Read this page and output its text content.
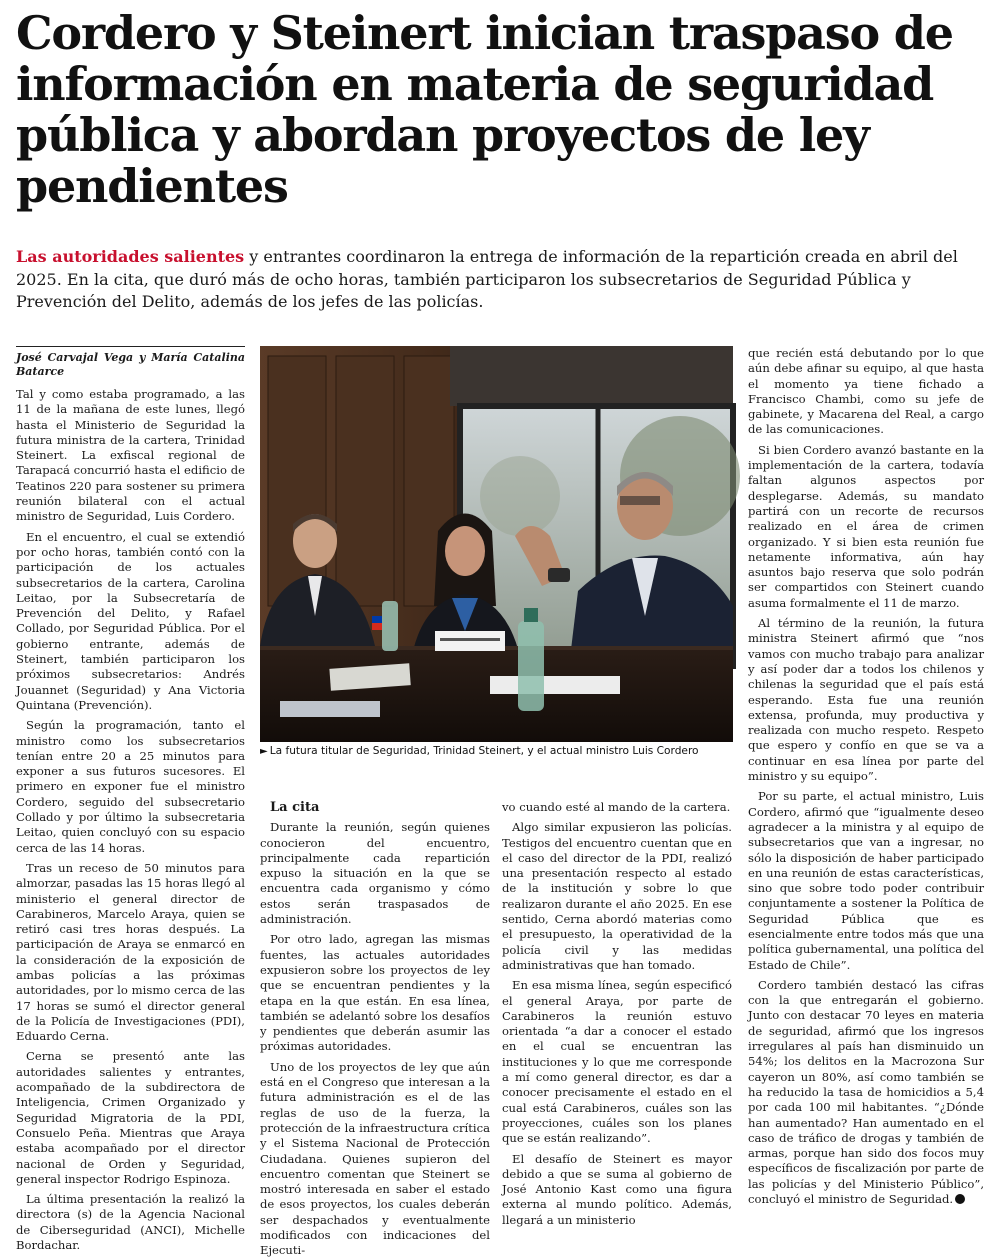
Cordero y Steinert inician traspaso de información en materia de seguridad pública y abordan proyectos de ley pendientes

Las autoridades salientes y entrantes coordinaron la entrega de información de la repartición creada en abril del 2025. En la cita, que duró más de ocho horas, también participaron los subsecretarios de Seguridad Pública y Prevención del Delito, además de los jefes de las policías.

José Carvajal Vega y María Catalina Batarce

Tal y como estaba programado, a las 11 de la mañana de este lunes, llegó hasta el Ministerio de Seguridad la futura ministra de la cartera, Trinidad Steinert. La exfiscal regional de Tarapacá concurrió hasta el edificio de Teatinos 220 para sostener su primera reunión bilateral con el actual ministro de Seguridad, Luis Cordero.

En el encuentro, el cual se extendió por ocho horas, también contó con la participación de los actuales subsecretarios de la cartera, Carolina Leitao, por la Subsecretaría de Prevención del Delito, y Rafael Collado, por Seguridad Pública. Por el gobierno entrante, además de Steinert, también participaron los próximos subsecretarios: Andrés Jouannet (Seguridad) y Ana Victoria Quintana (Prevención).

Según la programación, tanto el ministro como los subsecretarios tenían entre 20 a 25 minutos para exponer a sus futuros sucesores. El primero en exponer fue el ministro Cordero, seguido del subsecretario Collado y por último la subsecretaria Leitao, quien concluyó con su espacio cerca de las 14 horas.

Tras un receso de 50 minutos para almorzar, pasadas las 15 horas llegó al ministerio el general director de Carabineros, Marcelo Araya, quien se retiró casi tres horas después. La participación de Araya se enmarcó en la consideración de la exposición de ambas policías a las próximas autoridades, por lo mismo cerca de las 17 horas se sumó el director general de la Policía de Investigaciones (PDI), Eduardo Cerna.

Cerna se presentó ante las autoridades salientes y entrantes, acompañado de la subdirectora de Inteligencia, Crimen Organizado y Seguridad Migratoria de la PDI, Consuelo Peña. Mientras que Araya estaba acompañado por el director nacional de Orden y Seguridad, general inspector Rodrigo Espinoza.

La última presentación la realizó la directora (s) de la Agencia Nacional de Ciberseguridad (ANCI), Michelle Bordachar.

► La futura titular de Seguridad, Trinidad Steinert, y el actual ministro Luis Cordero

La cita

Durante la reunión, según quienes conocieron del encuentro, principalmente cada repartición expuso la situación en la que se encuentra cada organismo y cómo estos serán traspasados de administración.

Por otro lado, agregan las mismas fuentes, las actuales autoridades expusieron sobre los proyectos de ley que se encuentran pendientes y la etapa en la que están. En esa línea, también se adelantó sobre los desafíos y pendientes que deberán asumir las próximas autoridades.

Uno de los proyectos de ley que aún está en el Congreso que interesan a la futura administración es el de las reglas de uso de la fuerza, la protección de la infraestructura crítica y el Sistema Nacional de Protección Ciudadana. Quienes supieron del encuentro comentan que Steinert se mostró interesada en saber el estado de esos proyectos, los cuales deberán ser despachados y eventualmente modificados con indicaciones del Ejecuti-

vo cuando esté al mando de la cartera.

Algo similar expusieron las policías. Testigos del encuentro cuentan que en el caso del director de la PDI, realizó una presentación respecto al estado de la institución y sobre lo que realizaron durante el año 2025. En ese sentido, Cerna abordó materias como el presupuesto, la operatividad de la policía civil y las medidas administrativas que han tomado.

En esa misma línea, según especificó el general Araya, por parte de Carabineros la reunión estuvo orientada “a dar a conocer el estado en el cual se encuentran las instituciones y lo que me corresponde a mí como general director, es dar a conocer precisamente el estado en el cual está Carabineros, cuáles son las proyecciones, cuáles son los planes que se están realizando”.

El desafío de Steinert es mayor debido a que se suma al gobierno de José Antonio Kast como una figura externa al mundo político. Además, llegará a un ministerio

que recién está debutando por lo que aún debe afinar su equipo, al que hasta el momento ya tiene fichado a Francisco Chambi, como su jefe de gabinete, y Macarena del Real, a cargo de las comunicaciones.

Si bien Cordero avanzó bastante en la implementación de la cartera, todavía faltan algunos aspectos por desplegarse. Además, su mandato partirá con un recorte de recursos realizado en el área de crimen organizado. Y si bien esta reunión fue netamente informativa, aún hay asuntos bajo reserva que solo podrán ser compartidos con Steinert cuando asuma formalmente el 11 de marzo.

Al término de la reunión, la futura ministra Steinert afirmó que “nos vamos con mucho trabajo para analizar y así poder dar a todos los chilenos y chilenas la seguridad que el país está esperando. Esta fue una reunión extensa, profunda, muy productiva y realizada con mucho respeto. Respeto que espero y confío en que se va a continuar en esa línea por parte del ministro y su equipo”.

Por su parte, el actual ministro, Luis Cordero, afirmó que “igualmente deseo agradecer a la ministra y al equipo de subsecretarios que van a ingresar, no sólo la disposición de haber participado en una reunión de estas características, sino que sobre todo poder contribuir conjuntamente a sostener la Política de Seguridad Pública que es esencialmente entre todos más que una política gubernamental, una política del Estado de Chile”.

Cordero también destacó las cifras con la que entregarán el gobierno. Junto con destacar 70 leyes en materia de seguridad, afirmó que los ingresos irregulares al país han disminuido un 54%; los delitos en la Macrozona Sur cayeron un 80%, así como también se ha reducido la tasa de homicidios a 5,4 por cada 100 mil habitantes. “¿Dónde han aumentado? Han aumentado en el caso de tráfico de drogas y también de armas, porque han sido dos focos muy específicos de fiscalización por parte de las policías y del Ministerio Público”, concluyó el ministro de Seguridad.
